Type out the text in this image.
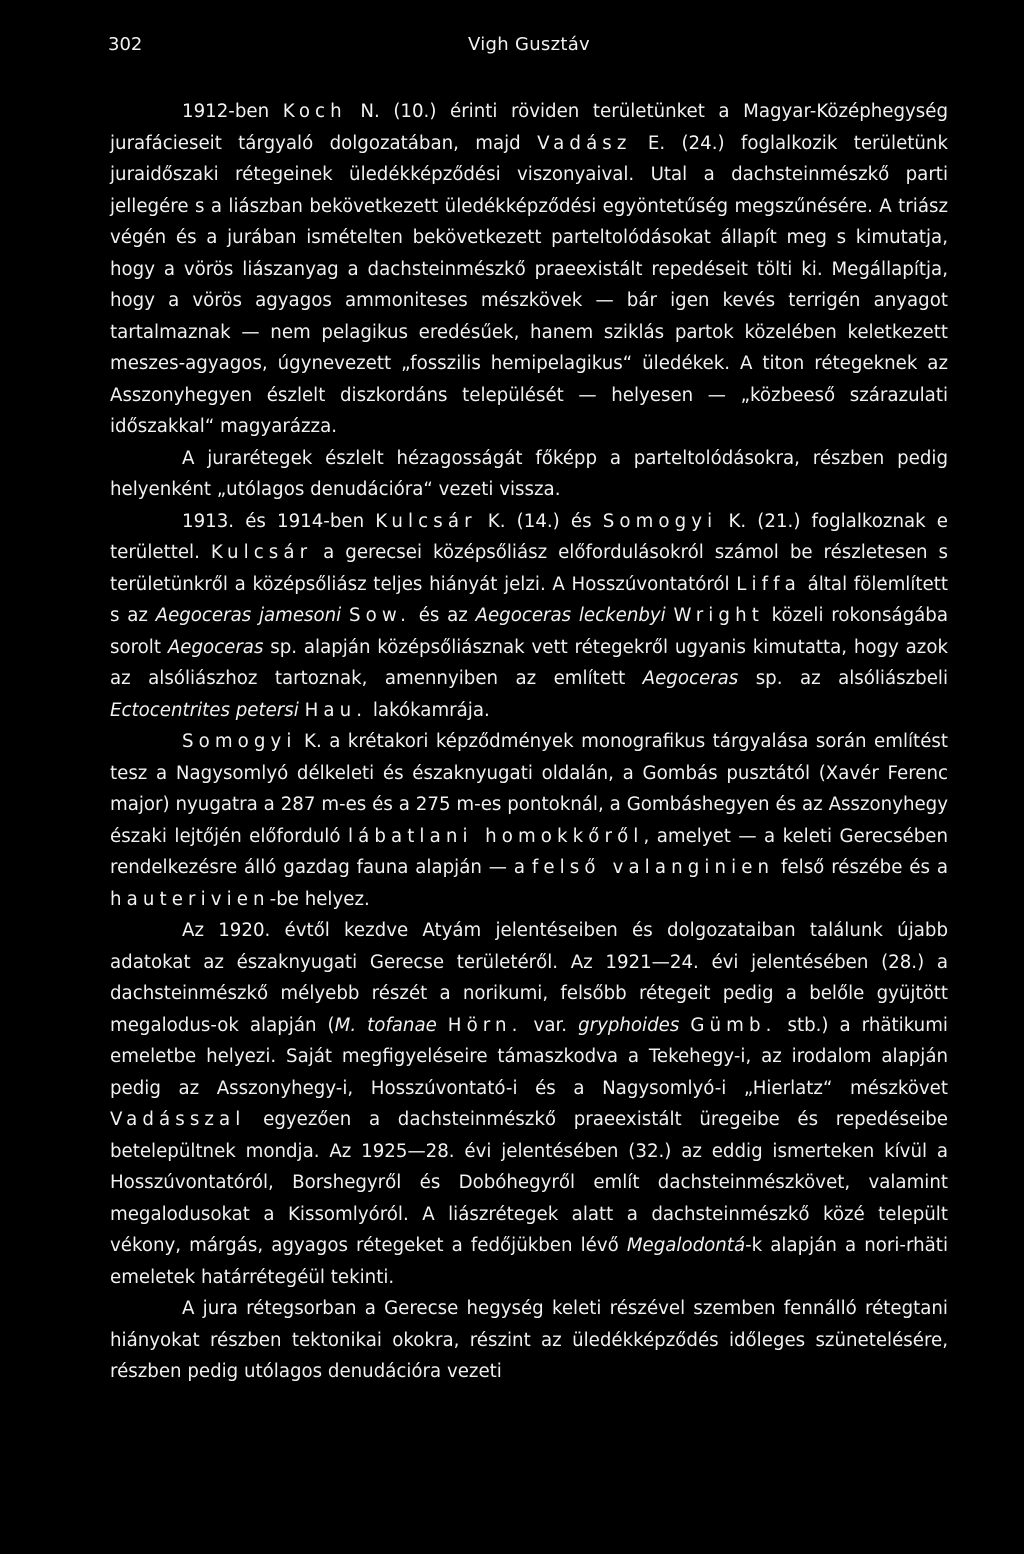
302	Vigh Gusztáv

1912-ben Koch N. (10.) érinti röviden területünket a Magyar-Középhegység jurafácieseit tárgyaló dolgozatában, majd Vadász E. (24.) foglalkozik területünk juraidőszaki rétegeinek üledékképződési viszonyaival. Utal a dachsteinmészkő parti jellegére s a liászban bekövetkezett üledékképződési egyöntetűség megszűnésére. A triász végén és a jurában ismételten bekövetkezett parteltolódásokat állapít meg s kimutatja, hogy a vörös liászanyag a dachsteinmészkő praeexistált repedéseit tölti ki. Megállapítja, hogy a vörös agyagos ammoniteses mészkövek — bár igen kevés terrigén anyagot tartalmaznak — nem pelagikus eredésűek, hanem sziklás partok közelében keletkezett meszes-agyagos, úgynevezett „fosszilis hemipelagikus“ üledékek. A titon rétegeknek az Asszonyhegyen észlelt diszkordáns települését — helyesen — „közbeeső szárazulati időszakkal“ magyarázza.

A jurarétegek észlelt hézagosságát főképp a parteltolódásokra, részben pedig helyenként „utólagos denudációra“ vezeti vissza.

1913. és 1914-ben Kulcsár K. (14.) és Somogyi K. (21.) foglalkoznak e területtel. Kulcsár a gerecsei középsőliász előfordulásokról számol be részletesen s területünkről a középsőliász teljes hiányát jelzi. A Hosszúvontatóról Liffa által fölemlített s az Aegoceras jamesoni Sow. és az Aegoceras leckenbyi Wright közeli rokonságába sorolt Aegoceras sp. alapján középsőliásznak vett rétegekről ugyanis kimutatta, hogy azok az alsóliászhoz tartoznak, amennyiben az említett Aegoceras sp. az alsóliászbeli Ectocentrites petersi Hau. lakókamrája.

Somogyi K. a krétakori képződmények monografikus tárgyalása során említést tesz a Nagysomlyó délkeleti és északnyugati oldalán, a Gombás pusztától (Xavér Ferenc major) nyugatra a 287 m-es és a 275 m-es pontoknál, a Gombáshegyen és az Asszonyhegy északi lejtőjén előforduló lábatlani homokkőről, amelyet — a keleti Gerecsében rendelkezésre álló gazdag fauna alapján — a felső valanginien felső részébe és a hauterivien-be helyez.

Az 1920. évtől kezdve Atyám jelentéseiben és dolgozataiban találunk újabb adatokat az északnyugati Gerecse területéről. Az 1921—24. évi jelentésében (28.) a dachsteinmészkő mélyebb részét a norikumi, felsőbb rétegeit pedig a belőle gyüjtött megalodus-ok alapján (M. tofanae Hörn. var. gryphoides Gümb. stb.) a rhätikumi emeletbe helyezi. Saját megfigyeléseire támaszkodva a Tekehegy-i, az irodalom alapján pedig az Asszonyhegy-i, Hosszúvontató-i és a Nagysomlyó-i „Hierlatz“ mészkövet Vadásszal egyezően a dachsteinmészkő praeexistált üregeibe és repedéseibe betelepültnek mondja. Az 1925—28. évi jelentésében (32.) az eddig ismerteken kívül a Hosszúvontatóról, Borshegyről és Dobóhegyről említ dachsteinmészkövet, valamint megalodusokat a Kissomlyóról. A liászrétegek alatt a dachsteinmészkő közé települt vékony, márgás, agyagos rétegeket a fedőjükben lévő Megalodontá-k alapján a nori-rhäti emeletek határrétegéül tekinti.

A jura rétegsorban a Gerecse hegység keleti részével szemben fennálló rétegtani hiányokat részben tektonikai okokra, részint az üledékképződés időleges szünetelésére, részben pedig utólagos denudációra vezeti
